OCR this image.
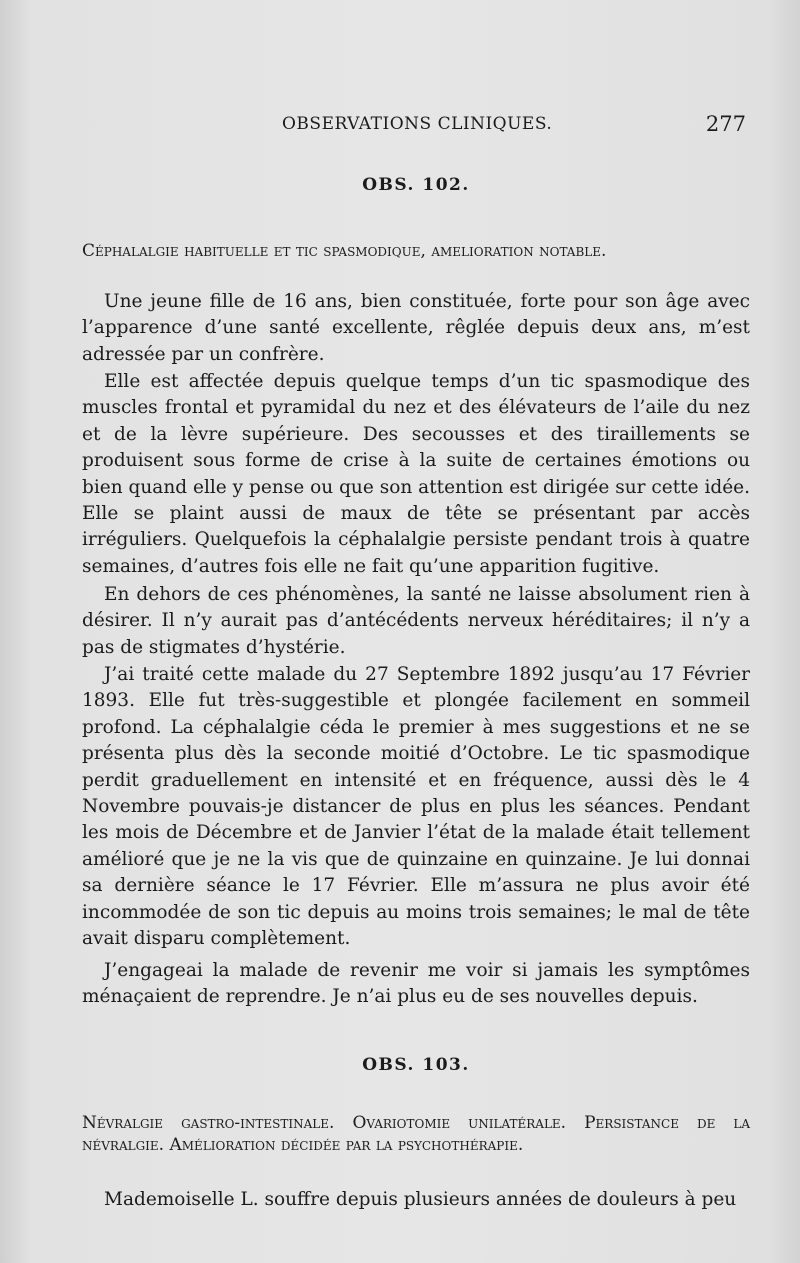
OBSERVATIONS CLINIQUES.	277
OBS. 102.
Céphalalgie habituelle et tic spasmodique, amelioration notable.

Une jeune fille de 16 ans, bien constituée, forte pour son âge avec l’apparence d’une santé excellente, rêglée depuis deux ans, m’est adressée par un confrère.

Elle est affectée depuis quelque temps d’un tic spasmodique des muscles frontal et pyramidal du nez et des élévateurs de l’aile du nez et de la lèvre supérieure. Des secousses et des tiraillements se produisent sous forme de crise à la suite de certaines émotions ou bien quand elle y pense ou que son attention est dirigée sur cette idée. Elle se plaint aussi de maux de tête se présentant par accès irréguliers. Quelquefois la céphalalgie persiste pendant trois à quatre semaines, d’autres fois elle ne fait qu’une apparition fugitive.

En dehors de ces phénomènes, la santé ne laisse absolument rien à désirer. Il n’y aurait pas d’antécédents nerveux héréditaires; il n’y a pas de stigmates d’hystérie.

J’ai traité cette malade du 27 Septembre 1892 jusqu’au 17 Février 1893. Elle fut très-suggestible et plongée facilement en sommeil profond. La céphalalgie céda le premier à mes suggestions et ne se présenta plus dès la seconde moitié d’Octobre. Le tic spasmodique perdit graduellement en intensité et en fréquence, aussi dès le 4 Novembre pouvais-je distancer de plus en plus les séances. Pendant les mois de Décembre et de Janvier l’état de la malade était tellement amélioré que je ne la vis que de quinzaine en quinzaine. Je lui donnai sa dernière séance le 17 Février. Elle m’assura ne plus avoir été incommodée de son tic depuis au moins trois semaines; le mal de tête avait disparu complètement.

J’engageai la malade de revenir me voir si jamais les symptômes ménaçaient de reprendre. Je n’ai plus eu de ses nouvelles depuis.

OBS. 103.
Névralgie gastro-intestinale. Ovariotomie unilatérale. Persistance de la névralgie. Amélioration décidée par la psychothérapie.

Mademoiselle L. souffre depuis plusieurs années de douleurs à peu
